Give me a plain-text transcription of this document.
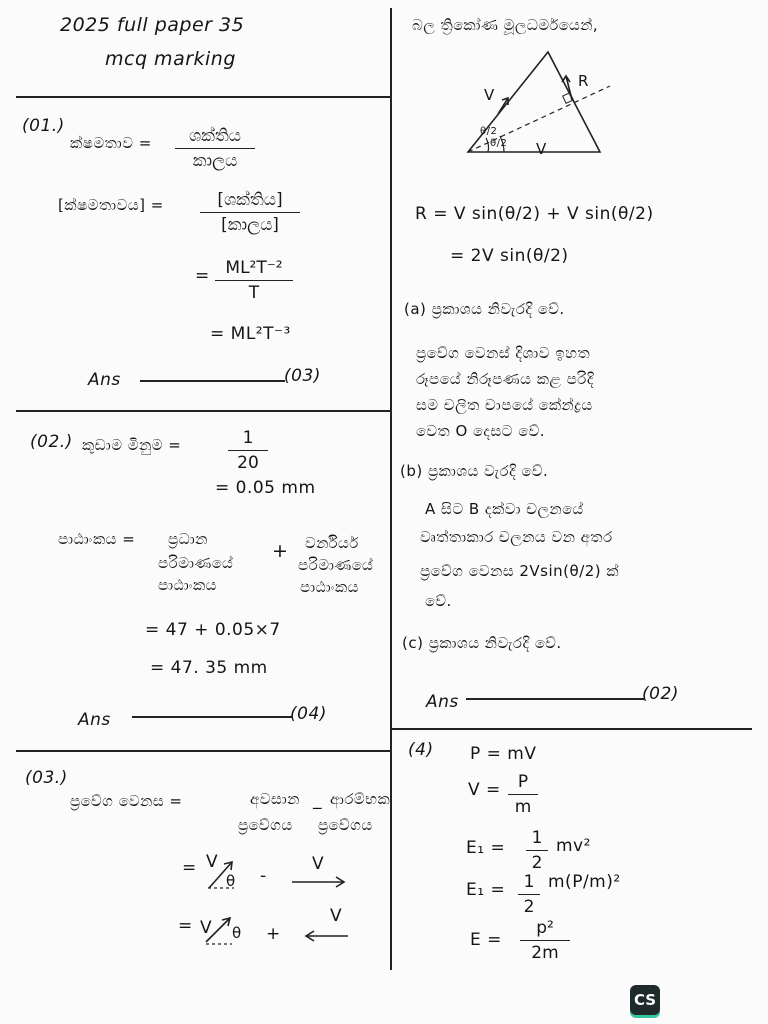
2025 full paper 35
mcq marking
(01.)
ක්ෂමතාව =	ශක්තිය
කාලය
[ක්ෂමතාවය] =	[ශක්තිය]
[කාලය]
= ML²T⁻²
T
= ML²T⁻³
Ans	(03)
(02.) කුඩාම මිනුම =	1
20
= 0.05 mm
පාඨාංකය = ප්‍රධාන
පරිමාණයේ
පාඨාංකය
+ වර්නියර්
පරිමාණයේ
පාඨාංකය
= 47 + 0.05×7
= 47. 35 mm
Ans	(04)
(03.)
ප්‍රවේග වෙනස =	අවසාන
ප්‍රවේගය
_ ආරම්භක
ප්‍රවේගය
= V
θ -
V
= V θ +
V
බල ත්‍රිකෝණ මූලධර්මයෙන්,
V
R
V
θ/2
θ/2
R = V sin(θ/2) + V sin(θ/2)
= 2V sin(θ/2)
(a) ප්‍රකාශය නිවැරදි වේ.
ප්‍රවේග වෙනස් දිශාව ඉහත
රූපයේ නිරූපණය කළ පරිදි
සම චලිත චාපයේ කේන්ද්‍රය
වෙත O දෙසට වේ.
(b) ප්‍රකාශය වැරදි වේ.
A සිට B දක්වා චලනයේ
වෘත්තාකාර චලනය වන අතර
ප්‍රවේග වෙනස 2Vsin(θ/2) ක්
වේ.
(c) ප්‍රකාශය නිවැරදි වේ.
Ans	(02)
(4) P = mV
V =	P
m
E₁ =	1
2
mv²
E₁ =	1
2
m(P/m)²
E =
p²
2m
CS
